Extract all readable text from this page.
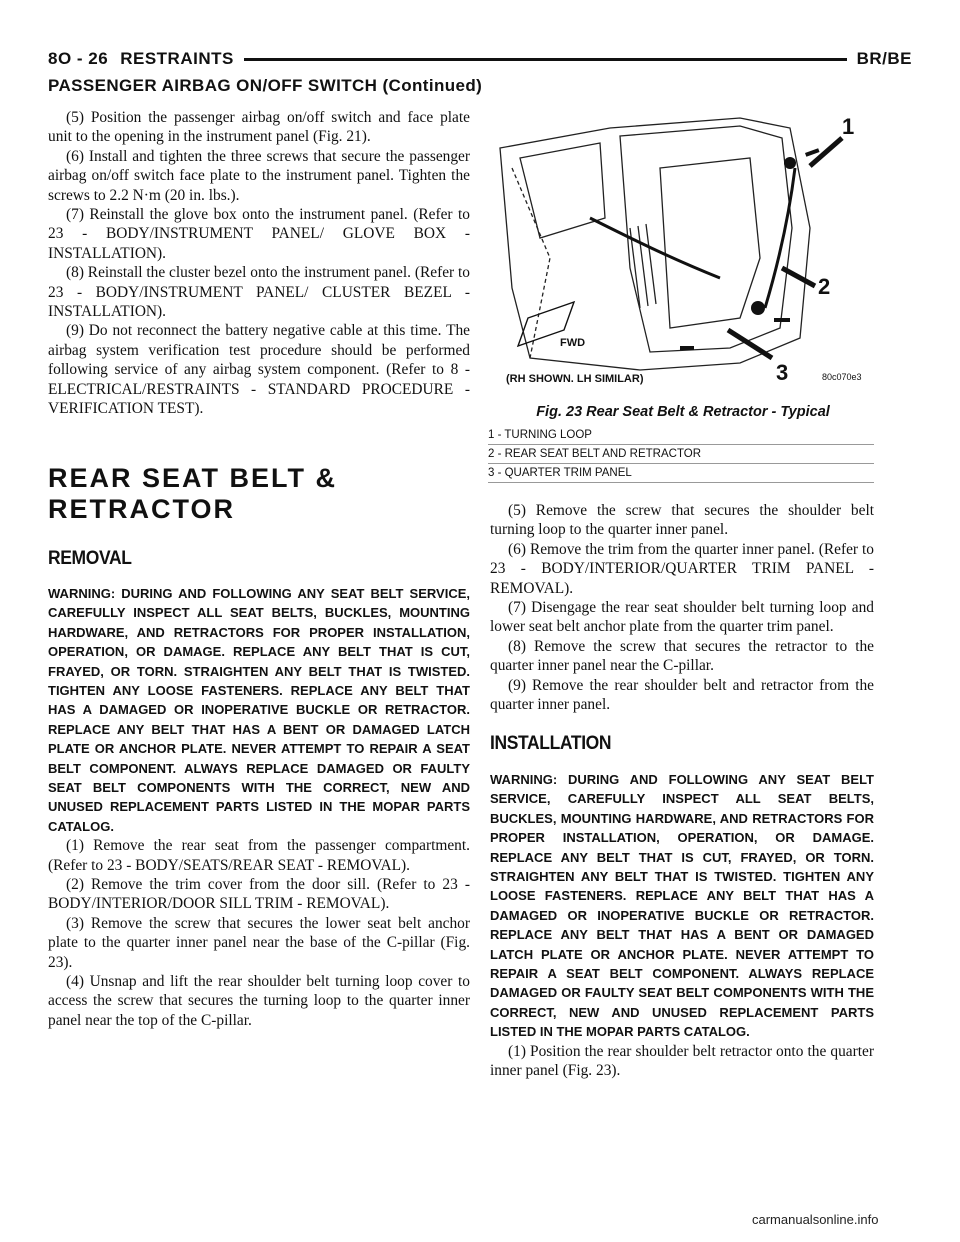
8O - 26 RESTRAINTS	BR/BE
PASSENGER AIRBAG ON/OFF SWITCH (Continued)

(5) Position the passenger airbag on/off switch and face plate unit to the opening in the instrument panel (Fig. 21).

(6) Install and tighten the three screws that secure the passenger airbag on/off switch face plate to the instrument panel. Tighten the screws to 2.2 N·m (20 in. lbs.).

(7) Reinstall the glove box onto the instrument panel. (Refer to 23 - BODY/INSTRUMENT PANEL/ GLOVE BOX - INSTALLATION).

(8) Reinstall the cluster bezel onto the instrument panel. (Refer to 23 - BODY/INSTRUMENT PANEL/ CLUSTER BEZEL - INSTALLATION).

(9) Do not reconnect the battery negative cable at this time. The airbag system verification test procedure should be performed following service of any airbag system component. (Refer to 8 - ELECTRICAL/RESTRAINTS - STANDARD PROCEDURE - VERIFICATION TEST).

REAR SEAT BELT & RETRACTOR
REMOVAL

WARNING: DURING AND FOLLOWING ANY SEAT BELT SERVICE, CAREFULLY INSPECT ALL SEAT BELTS, BUCKLES, MOUNTING HARDWARE, AND RETRACTORS FOR PROPER INSTALLATION, OPERATION, OR DAMAGE. REPLACE ANY BELT THAT IS CUT, FRAYED, OR TORN. STRAIGHTEN ANY BELT THAT IS TWISTED. TIGHTEN ANY LOOSE FASTENERS. REPLACE ANY BELT THAT HAS A DAMAGED OR INOPERATIVE BUCKLE OR RETRACTOR. REPLACE ANY BELT THAT HAS A BENT OR DAMAGED LATCH PLATE OR ANCHOR PLATE. NEVER ATTEMPT TO REPAIR A SEAT BELT COMPONENT. ALWAYS REPLACE DAMAGED OR FAULTY SEAT BELT COMPONENTS WITH THE CORRECT, NEW AND UNUSED REPLACEMENT PARTS LISTED IN THE MOPAR PARTS CATALOG.

(1) Remove the rear seat from the passenger compartment. (Refer to 23 - BODY/SEATS/REAR SEAT - REMOVAL).

(2) Remove the trim cover from the door sill. (Refer to 23 - BODY/INTERIOR/DOOR SILL TRIM - REMOVAL).

(3) Remove the screw that secures the lower seat belt anchor plate to the quarter inner panel near the base of the C-pillar (Fig. 23).

(4) Unsnap and lift the rear shoulder belt turning loop cover to access the screw that secures the turning loop to the quarter inner panel near the top of the C-pillar.

1
2
3
FWD
(RH SHOWN. LH SIMILAR)	80c070e3
Fig. 23 Rear Seat Belt & Retractor - Typical
1 - TURNING LOOP
2 - REAR SEAT BELT AND RETRACTOR
3 - QUARTER TRIM PANEL

(5) Remove the screw that secures the shoulder belt turning loop to the quarter inner panel.

(6) Remove the trim from the quarter inner panel. (Refer to 23 - BODY/INTERIOR/QUARTER TRIM PANEL - REMOVAL).

(7) Disengage the rear seat shoulder belt turning loop and lower seat belt anchor plate from the quarter trim panel.

(8) Remove the screw that secures the retractor to the quarter inner panel near the C-pillar.

(9) Remove the rear shoulder belt and retractor from the quarter inner panel.

INSTALLATION

WARNING: DURING AND FOLLOWING ANY SEAT BELT SERVICE, CAREFULLY INSPECT ALL SEAT BELTS, BUCKLES, MOUNTING HARDWARE, AND RETRACTORS FOR PROPER INSTALLATION, OPERATION, OR DAMAGE. REPLACE ANY BELT THAT IS CUT, FRAYED, OR TORN. STRAIGHTEN ANY BELT THAT IS TWISTED. TIGHTEN ANY LOOSE FASTENERS. REPLACE ANY BELT THAT HAS A DAMAGED OR INOPERATIVE BUCKLE OR RETRACTOR. REPLACE ANY BELT THAT HAS A BENT OR DAMAGED LATCH PLATE OR ANCHOR PLATE. NEVER ATTEMPT TO REPAIR A SEAT BELT COMPONENT. ALWAYS REPLACE DAMAGED OR FAULTY SEAT BELT COMPONENTS WITH THE CORRECT, NEW AND UNUSED REPLACEMENT PARTS LISTED IN THE MOPAR PARTS CATALOG.

(1) Position the rear shoulder belt retractor onto the quarter inner panel (Fig. 23).

carmanualsonline.info
